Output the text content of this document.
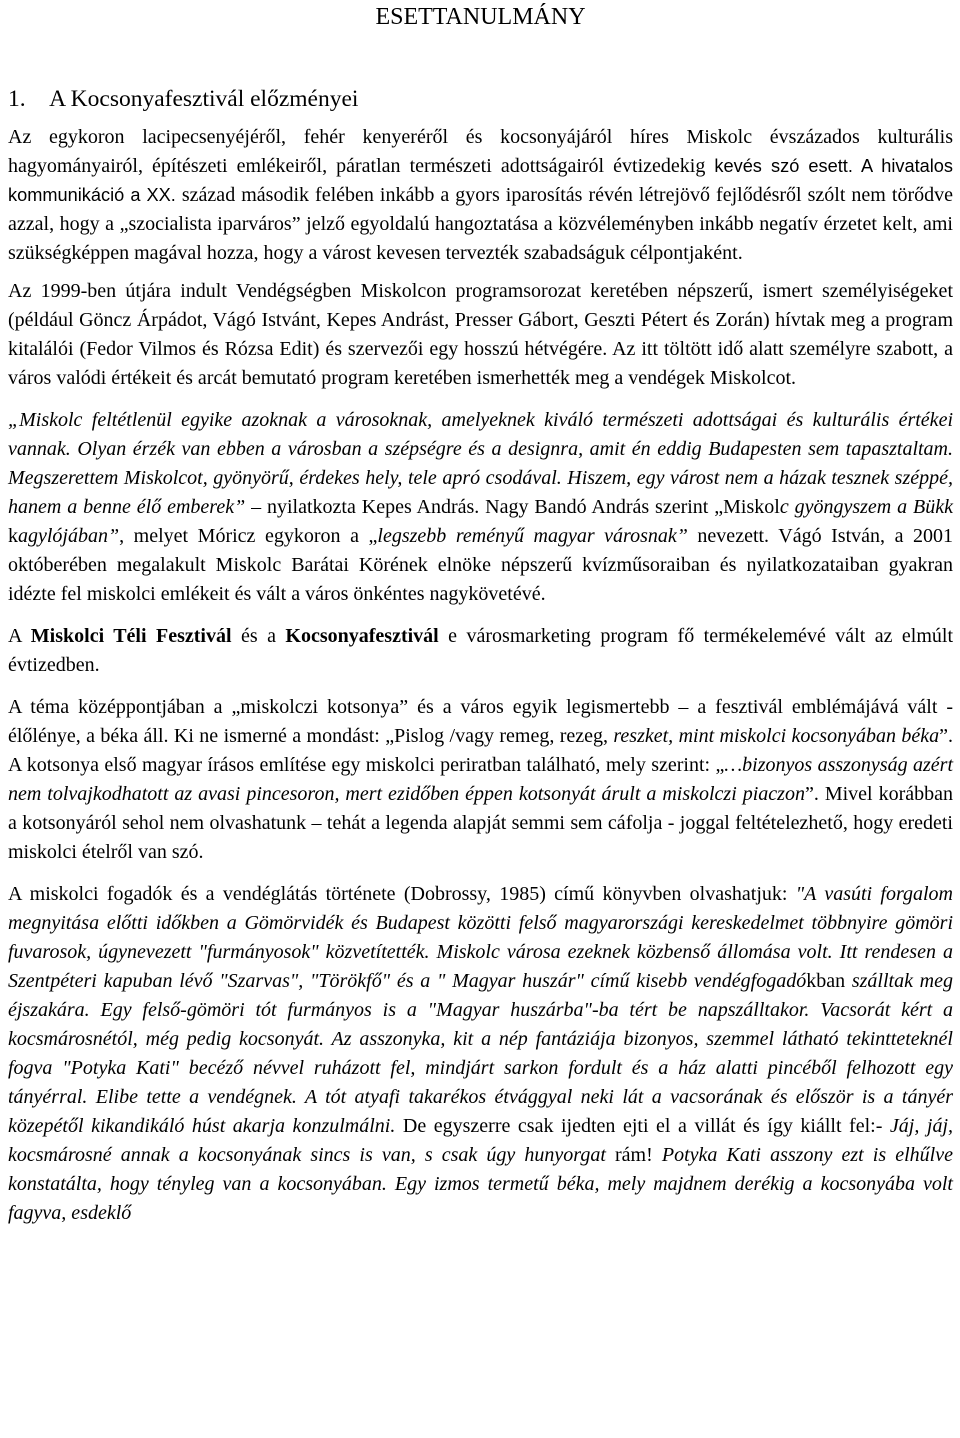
ESETTANULMÁNY
1. A Kocsonyafesztivál előzményei

Az egykoron lacipecsenyéjéről, fehér kenyeréről és kocsonyájáról híres Miskolc évszázados kulturális hagyományairól, építészeti emlékeiről, páratlan természeti adottságairól évtizedekig kevés szó esett. A hivatalos kommunikáció a XX. század második felében inkább a gyors iparosítás révén létrejövő fejlődésről szólt nem törődve azzal, hogy a „szocialista iparváros” jelző egyoldalú hangoztatása a közvéleményben inkább negatív érzetet kelt, ami szükségképpen magával hozza, hogy a várost kevesen tervezték szabadságuk célpontjaként.

Az 1999-ben útjára indult Vendégségben Miskolcon programsorozat keretében népszerű, ismert személyiségeket (például Göncz Árpádot, Vágó Istvánt, Kepes Andrást, Presser Gábort, Geszti Pétert és Zorán) hívtak meg a program kitalálói (Fedor Vilmos és Rózsa Edit) és szervezői egy hosszú hétvégére. Az itt töltött idő alatt személyre szabott, a város valódi értékeit és arcát bemutató program keretében ismerhették meg a vendégek Miskolcot.

„Miskolc feltétlenül egyike azoknak a városoknak, amelyeknek kiváló természeti adottságai és kulturális értékei vannak. Olyan érzék van ebben a városban a szépségre és a designra, amit én eddig Budapesten sem tapasztaltam. Megszerettem Miskolcot, gyönyörű, érdekes hely, tele apró csodával. Hiszem, egy várost nem a házak tesznek széppé, hanem a benne élő emberek” – nyilatkozta Kepes András. Nagy Bandó András szerint „Miskolc gyöngyszem a Bükk kagylójában”, melyet Móricz egykoron a „legszebb reményű magyar városnak” nevezett. Vágó István, a 2001 októberében megalakult Miskolc Barátai Körének elnöke népszerű kvízműsoraiban és nyilatkozataiban gyakran idézte fel miskolci emlékeit és vált a város önkéntes nagykövetévé.

A Miskolci Téli Fesztivál és a Kocsonyafesztivál e városmarketing program fő termékelemévé vált az elmúlt évtizedben.

A téma középpontjában a „miskolczi kotsonya” és a város egyik legismertebb – a fesztivál emblémájává vált - élőlénye, a béka áll. Ki ne ismerné a mondást: „Pislog /vagy remeg, rezeg, reszket, mint miskolci kocsonyában béka”. A kotsonya első magyar írásos említése egy miskolci periratban található, mely szerint: „…bizonyos asszonyság azért nem tolvajkodhatott az avasi pincesoron, mert ezidőben éppen kotsonyát árult a miskolczi piaczon”. Mivel korábban a kotsonyáról sehol nem olvashatunk – tehát a legenda alapját semmi sem cáfolja - joggal feltételezhető, hogy eredeti miskolci ételről van szó.

A miskolci fogadók és a vendéglátás története (Dobrossy, 1985) című könyvben olvashatjuk: "A vasúti forgalom megnyitása előtti időkben a Gömörvidék és Budapest közötti felső magyarországi kereskedelmet többnyire gömöri fuvarosok, úgynevezett "furmányosok" közvetítették. Miskolc városa ezeknek közbenső állomása volt. Itt rendesen a Szentpéteri kapuban lévő "Szarvas", "Törökfő" és a " Magyar huszár" című kisebb vendégfogadókban szálltak meg éjszakára. Egy felső-gömöri tót furmányos is a "Magyar huszárba"-ba tért be napszálltakor. Vacsorát kért a kocsmárosnétól, még pedig kocsonyát. Az asszonyka, kit a nép fantáziája bizonyos, szemmel látható tekintteteknél fogva "Potyka Kati" becéző névvel ruházott fel, mindjárt sarkon fordult és a ház alatti pincéből felhozott egy tányérral. Elibe tette a vendégnek. A tót atyafi takarékos étvággyal neki lát a vacsorának és először is a tányér közepétől kikandikáló húst akarja konzulmálni. De egyszerre csak ijedten ejti el a villát és így kiállt fel:- Jáj, jáj, kocsmárosné annak a kocsonyának sincs is van, s csak úgy hunyorgat rám! Potyka Kati asszony ezt is elhűlve konstatálta, hogy tényleg van a kocsonyában. Egy izmos termetű béka, mely majdnem derékig a kocsonyába volt fagyva, esdeklő
